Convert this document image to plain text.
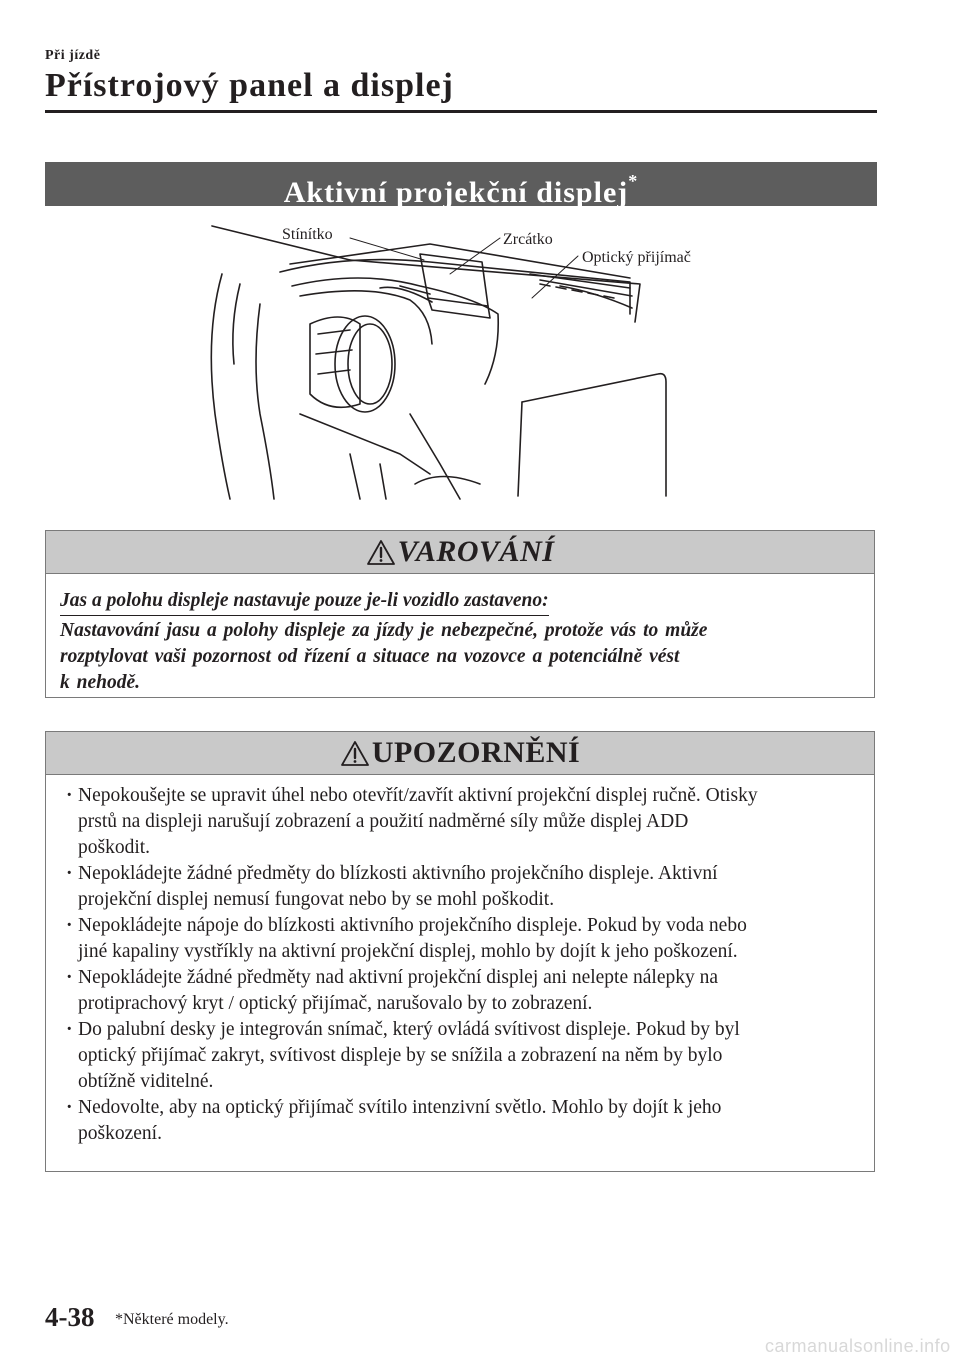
Při jízdě
Přístrojový panel a displej
Aktivní projekční displej*
Stínítko	Zrcátko
Optický přijímač
VAROVÁNÍ
Jas a polohu displeje nastavuje pouze je-li vozidlo zastaveno:
Nastavování jasu a polohy displeje za jízdy je nebezpečné, protože vás to může
rozptylovat vaši pozornost od řízení a situace na vozovce a potenciálně vést
k nehodě.
UPOZORNĚNÍ
· Nepokoušejte se upravit úhel nebo otevřít/zavřít aktivní projekční displej ručně. Otisky
prstů na displeji narušují zobrazení a použití nadměrné síly může displej ADD
poškodit.
· Nepokládejte žádné předměty do blízkosti aktivního projekčního displeje. Aktivní
projekční displej nemusí fungovat nebo by se mohl poškodit.
· Nepokládejte nápoje do blízkosti aktivního projekčního displeje. Pokud by voda nebo
jiné kapaliny vystříkly na aktivní projekční displej, mohlo by dojít k jeho poškození.
· Nepokládejte žádné předměty nad aktivní projekční displej ani nelepte nálepky na
protiprachový kryt / optický přijímač, narušovalo by to zobrazení.
· Do palubní desky je integrován snímač, který ovládá svítivost displeje. Pokud by byl
optický přijímač zakryt, svítivost displeje by se snížila a zobrazení na něm by bylo
obtížně viditelné.
· Nedovolte, aby na optický přijímač svítilo intenzivní světlo. Mohlo by dojít k jeho
poškození.
4-38 *Některé modely.
carmanualsonline.info
